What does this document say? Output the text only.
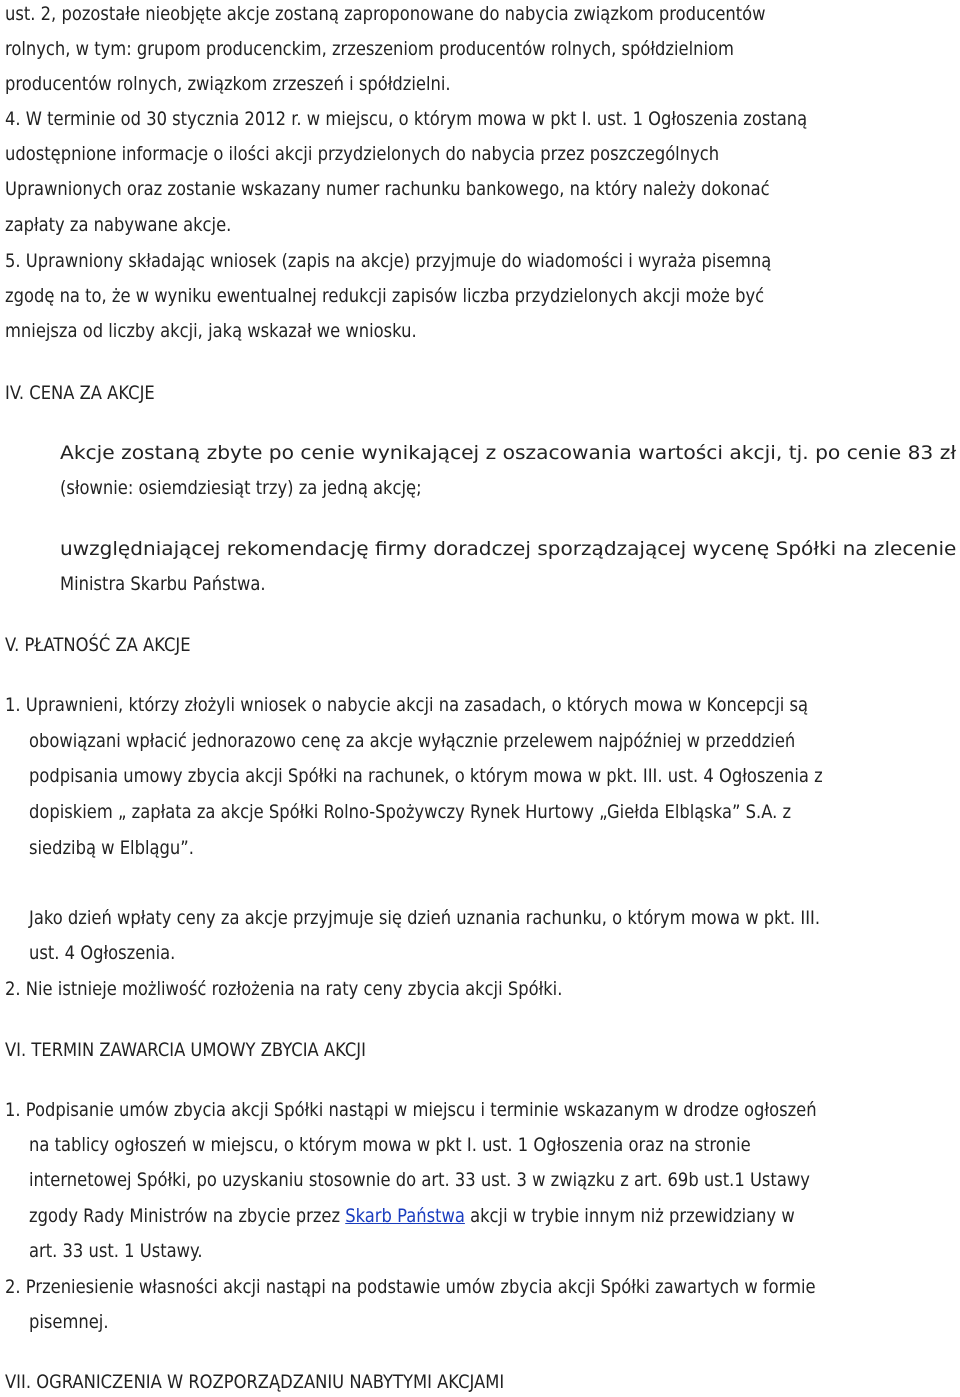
ust. 2, pozostałe nieobjęte akcje zostaną zaproponowane do nabycia związkom producentów

rolnych, w tym: grupom producenckim, zrzeszeniom producentów rolnych, spółdzielniom

producentów rolnych, związkom zrzeszeń i spółdzielni.

4. W terminie od 30 stycznia 2012 r. w miejscu, o którym mowa w pkt I. ust. 1 Ogłoszenia zostaną

udostępnione informacje o ilości akcji przydzielonych do nabycia przez poszczególnych

Uprawnionych oraz zostanie wskazany numer rachunku bankowego, na który należy dokonać

zapłaty za nabywane akcje.

5. Uprawniony składając wniosek (zapis na akcje) przyjmuje do wiadomości i wyraża pisemną

zgodę na to, że w wyniku ewentualnej redukcji zapisów liczba przydzielonych akcji może być

mniejsza od liczby akcji, jaką wskazał we wniosku.

IV. CENA ZA AKCJE

Akcje zostaną zbyte po cenie wynikającej z oszacowania wartości akcji, tj. po cenie 83 zł

(słownie: osiemdziesiąt trzy) za jedną akcję;

uwzględniającej rekomendację firmy doradczej sporządzającej wycenę Spółki na zlecenie

Ministra Skarbu Państwa.

V. PŁATNOŚĆ ZA AKCJE

1. Uprawnieni, którzy złożyli wniosek o nabycie akcji na zasadach, o których mowa w Koncepcji są

obowiązani wpłacić jednorazowo cenę za akcje wyłącznie przelewem najpóźniej w przeddzień

podpisania umowy zbycia akcji Spółki na rachunek, o którym mowa w pkt. III. ust. 4 Ogłoszenia z

dopiskiem „ zapłata za akcje Spółki Rolno-Spożywczy Rynek Hurtowy „Giełda Elbląska” S.A. z

siedzibą w Elblągu”.

Jako dzień wpłaty ceny za akcje przyjmuje się dzień uznania rachunku, o którym mowa w pkt. III.

ust. 4 Ogłoszenia.

2. Nie istnieje możliwość rozłożenia na raty ceny zbycia akcji Spółki.

VI. TERMIN ZAWARCIA UMOWY ZBYCIA AKCJI

1. Podpisanie umów zbycia akcji Spółki nastąpi w miejscu i terminie wskazanym w drodze ogłoszeń

na tablicy ogłoszeń w miejscu, o którym mowa w pkt I. ust. 1 Ogłoszenia oraz na stronie

internetowej Spółki, po uzyskaniu stosownie do art. 33 ust. 3 w związku z art. 69b ust.1 Ustawy

zgody Rady Ministrów na zbycie przez Skarb Państwa akcji w trybie innym niż przewidziany w

art. 33 ust. 1 Ustawy.

2. Przeniesienie własności akcji nastąpi na podstawie umów zbycia akcji Spółki zawartych w formie

pisemnej.

VII. OGRANICZENIA W ROZPORZĄDZANIU NABYTYMI AKCJAMI
